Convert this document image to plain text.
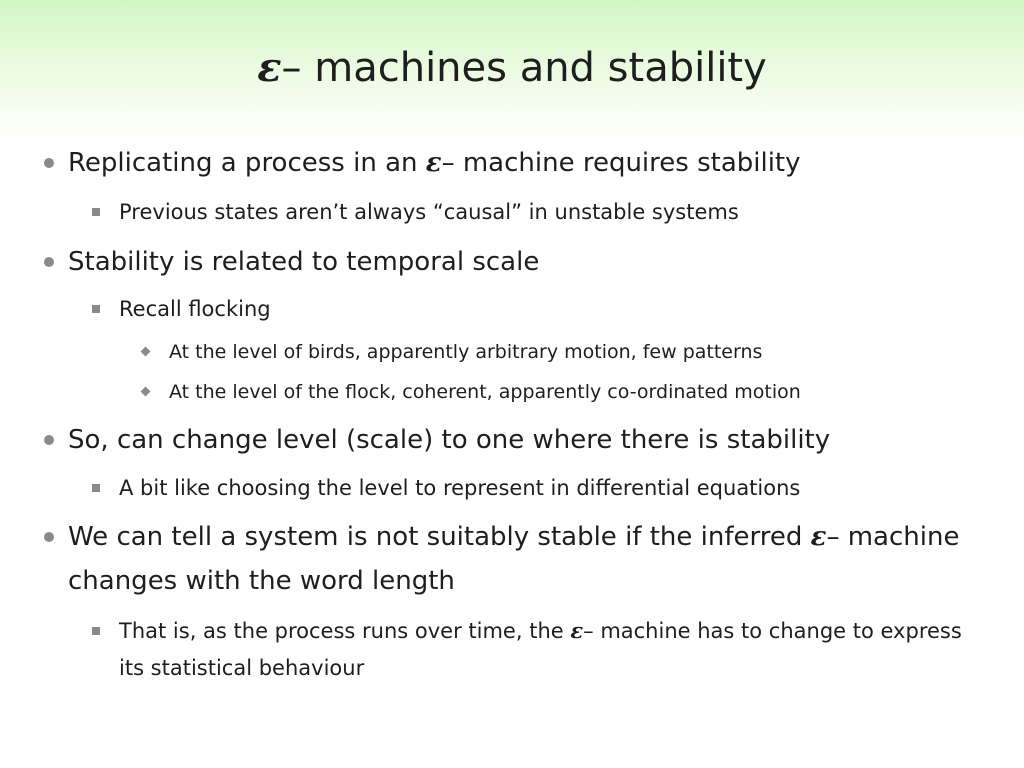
ε– machines and stability
Replicating a process in an ε– machine requires stability
Previous states aren’t always “causal” in unstable systems
Stability is related to temporal scale
Recall flocking
At the level of birds, apparently arbitrary motion, few patterns
At the level of the flock, coherent, apparently co-ordinated motion
So, can change level (scale) to one where there is stability
A bit like choosing the level to represent in differential equations
We can tell a system is not suitably stable if the inferred ε– machine changes with the word length
That is, as the process runs over time, the ε– machine has to change to express its statistical behaviour
